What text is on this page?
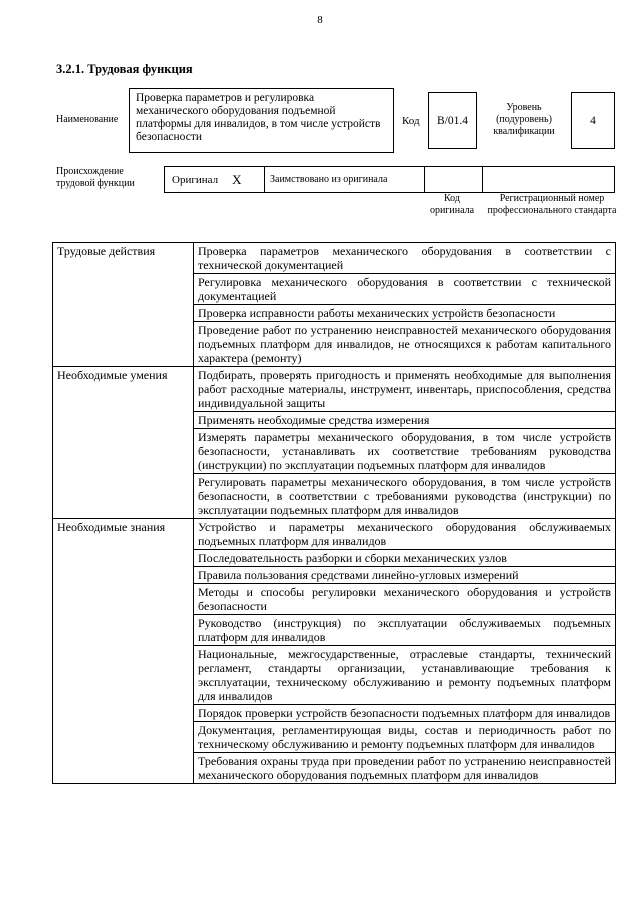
8
3.2.1. Трудовая функция
Наименование
Проверка параметров и регулировка механического оборудования подъемной платформы для инвалидов, в том числе устройств безопасности
Код	B/01.4
Уровень (подуровень) квалификации
4
Происхождение трудовой функции	Оригинал X	Заимствовано из оригинала
Код оригинала
Регистрационный номер профессионального стандарта
Трудовые действия	Проверка параметров механического оборудования в соответствии с технической документацией
	Регулировка механического оборудования в соответствии с технической документацией
	Проверка исправности работы механических устройств безопасности
	Проведение работ по устранению неисправностей механического оборудования подъемных платформ для инвалидов, не относящихся к работам капитального характера (ремонту)
Необходимые умения	Подбирать, проверять пригодность и применять необходимые для выполнения работ расходные материалы, инструмент, инвентарь, приспособления, средства индивидуальной защиты
	Применять необходимые средства измерения
	Измерять параметры механического оборудования, в том числе устройств безопасности, устанавливать их соответствие требованиям руководства (инструкции) по эксплуатации подъемных платформ для инвалидов
	Регулировать параметры механического оборудования, в том числе устройств безопасности, в соответствии с требованиями руководства (инструкции) по эксплуатации подъемных платформ для инвалидов
Необходимые знания	Устройство и параметры механического оборудования обслуживаемых подъемных платформ для инвалидов
	Последовательность разборки и сборки механических узлов
	Правила пользования средствами линейно-угловых измерений
	Методы и способы регулировки механического оборудования и устройств безопасности
	Руководство (инструкция) по эксплуатации обслуживаемых подъемных платформ для инвалидов
	Национальные, межгосударственные, отраслевые стандарты, технический регламент, стандарты организации, устанавливающие требования к эксплуатации, техническому обслуживанию и ремонту подъемных платформ для инвалидов
	Порядок проверки устройств безопасности подъемных платформ для инвалидов
	Документация, регламентирующая виды, состав и периодичность работ по техническому обслуживанию и ремонту подъемных платформ для инвалидов
	Требования охраны труда при проведении работ по устранению неисправностей механического оборудования подъемных платформ для инвалидов
